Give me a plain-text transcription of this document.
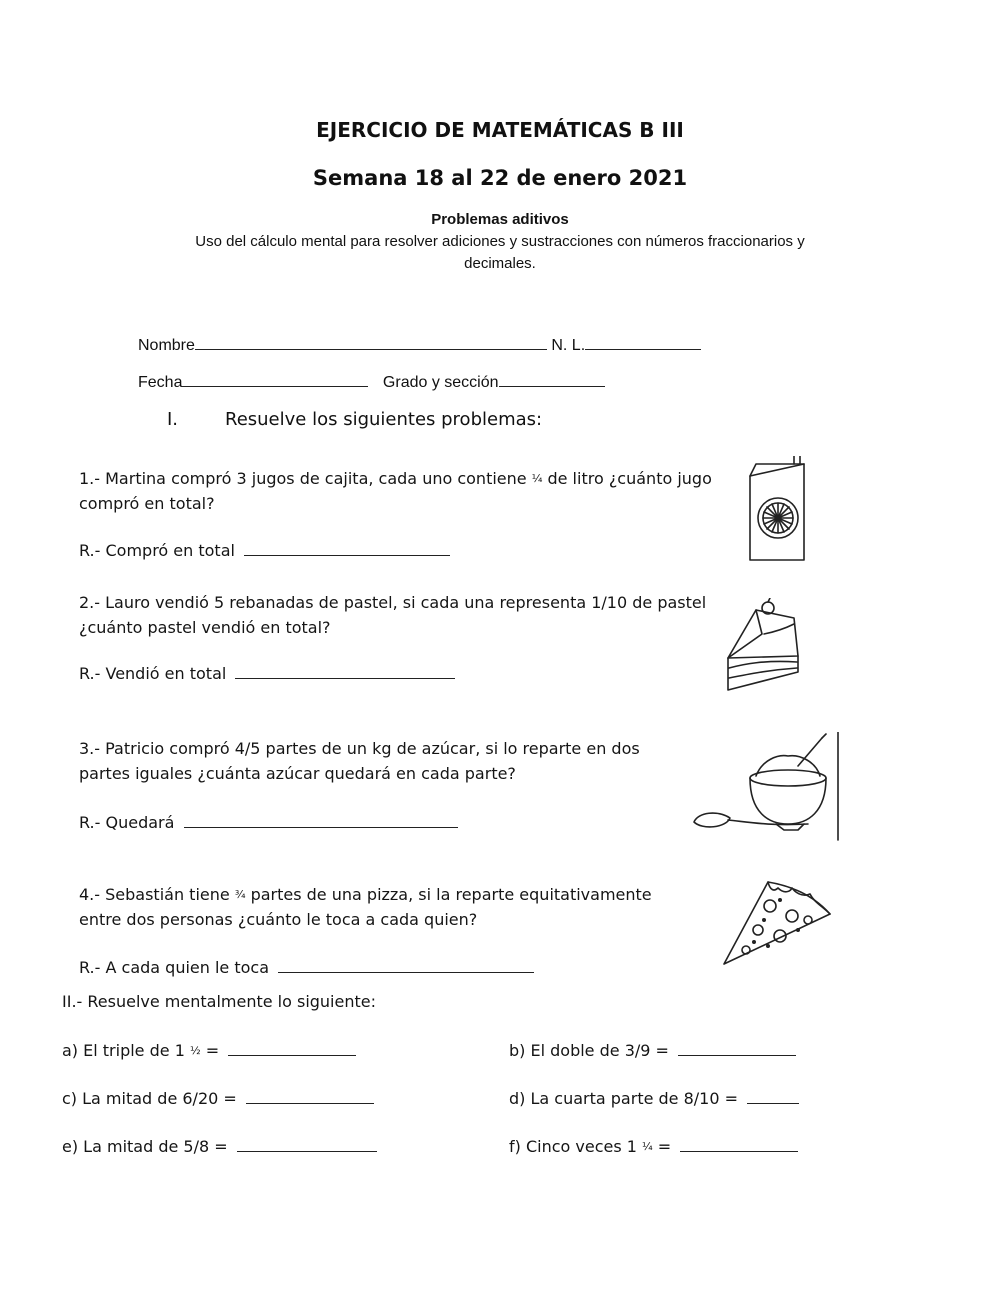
EJERCICIO DE MATEMÁTICAS B III
Semana 18 al 22 de enero 2021
Problemas aditivos
Uso del cálculo mental para resolver adiciones y sustracciones con números fraccionarios y decimales.
Nombre	N. L.
Fecha	Grado y sección
I.	Resuelve los siguientes problemas:
1.- Martina compró 3 jugos de cajita, cada uno contiene ¼ de litro ¿cuánto jugo
compró en total?
R.- Compró en total
2.- Lauro vendió 5 rebanadas de pastel, si cada una representa 1/10 de pastel
¿cuánto pastel vendió en total?
R.- Vendió en total
3.- Patricio compró 4/5 partes de un kg de azúcar, si lo reparte en dos
partes iguales ¿cuánta azúcar quedará en cada parte?
R.- Quedará
4.- Sebastián tiene ¾ partes de una pizza, si la reparte equitativamente
entre dos personas ¿cuánto le toca a cada quien?
R.- A cada quien le toca
II.- Resuelve mentalmente lo siguiente:
a) El triple de 1 ½ =	b) El doble de 3/9 =
c) La mitad de 6/20 =	d) La cuarta parte de 8/10 =
e) La mitad de 5/8 =	f) Cinco veces 1 ¼ =
